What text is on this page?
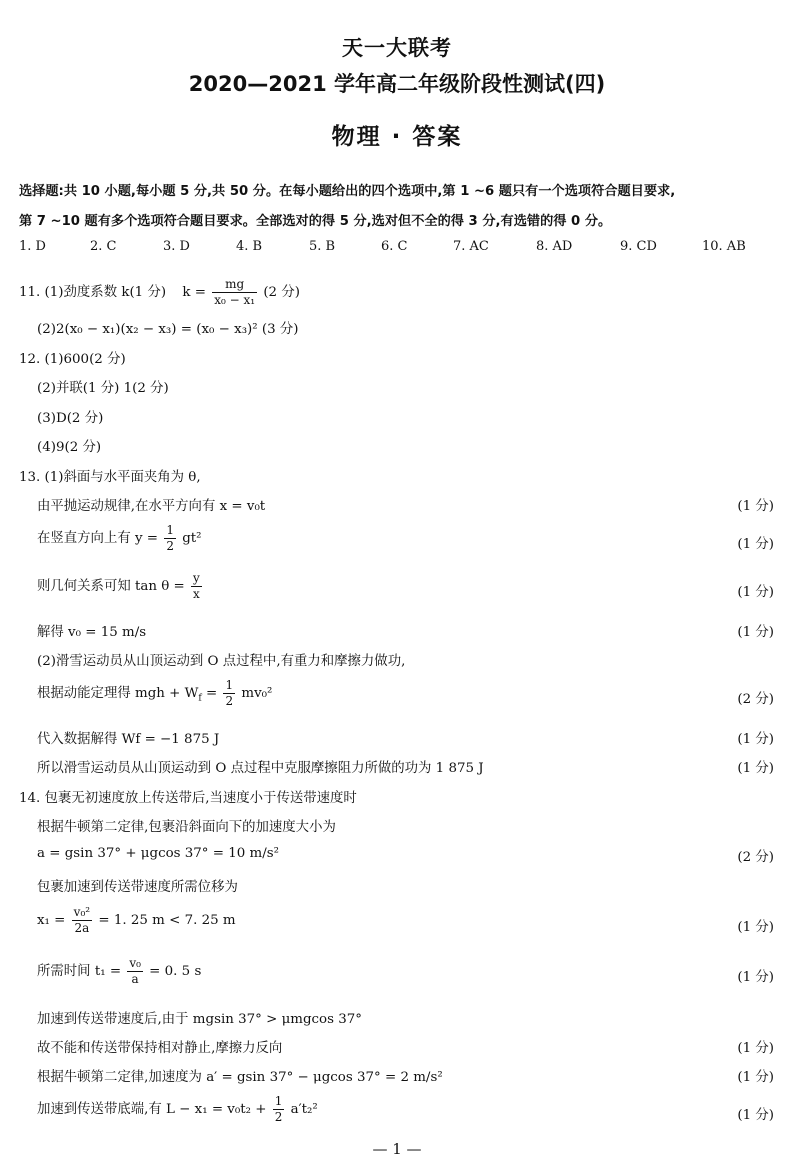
天一大联考
2020—2021 学年高二年级阶段性测试(四)
物理 · 答案
选择题:共 10 小题,每小题 5 分,共 50 分。在每小题给出的四个选项中,第 1 ~6 题只有一个选项符合题目要求,
第 7 ~10 题有多个选项符合题目要求。全部选对的得 5 分,选对但不全的得 3 分,有选错的得 0 分。
1. D	2. C	3. D	4. B	5. B	6. C	7. AC	8. AD	9. CD	10. AB
11. (1)劲度系数 k(1 分) $k = \frac{mg}{\text{x₀ − x₁}} (2$ 分)
(2)2(x₀ − x₁)(x₂ − x₃) = (x₀ − x₃)² (3 分)
12. (1)600(2 分)
(2)并联(1 分) 1(2 分)
(3)D(2 分)
(4)9(2 分)
13. (1)斜面与水平面夹角为 θ,
由平抛运动规律,在水平方向有 x = v₀t	(1 分)
在竖直方向上有 $y = \frac{1}{2} gt^2$	(1 分)
则几何关系可知 $\tan \theta = \frac{y}{x}$	(1 分)
解得 v₀ = 15 m/s	(1 分)
(2)滑雪运动员从山顶运动到 O 点过程中,有重力和摩擦力做功,
根据动能定理得 mgh + $W_f = \frac{1}{2} mv_0^2$	(2 分)
代入数据解得 Wf = −1 875 J	(1 分)
所以滑雪运动员从山顶运动到 O 点过程中克服摩擦阻力所做的功为 1 875 J	(1 分)
14. 包裹无初速度放上传送带后,当速度小于传送带速度时
根据牛顿第二定律,包裹沿斜面向下的加速度大小为
a = gsin 37° + μgcos 37° = 10 m/s²	(2 分)
包裹加速到传送带速度所需位移为
$x_1 = \frac{\text{v₀²}}{2a} = 1$. 25 m < 7. 25 m	(1 分)
所需时间 $t_1 = \frac{\text{v₀}}{a} = 0$. 5 s	(1 分)
加速到传送带速度后,由于 mgsin 37° > μmgcos 37°
故不能和传送带保持相对静止,摩擦力反向	(1 分)
根据牛顿第二定律,加速度为 a′ = gsin 37° − μgcos 37° = 2 m/s²	(1 分)
加速到传送带底端,有 $L - x_1 = v_0t_2 + \frac{1}{2} a't_2^2$	(1 分)
— 1 —
